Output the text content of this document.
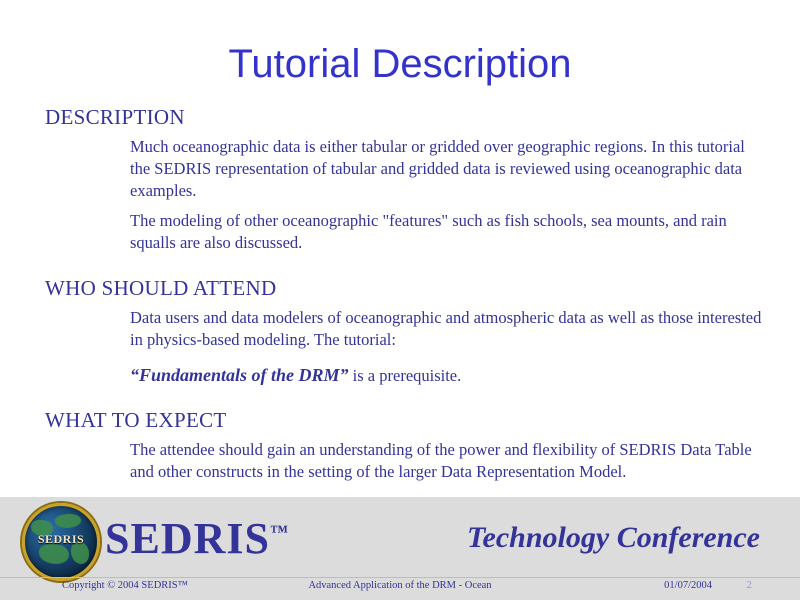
Tutorial Description
DESCRIPTION

Much oceanographic data is either tabular or gridded over geographic regions. In this tutorial the SEDRIS representation of tabular and gridded data is reviewed using oceanographic data examples.

The modeling of other oceanographic "features" such as fish schools, sea mounts, and rain squalls are also discussed.

WHO SHOULD ATTEND

Data users and data modelers of oceanographic and atmospheric data as well as those interested in physics-based modeling. The tutorial:

“Fundamentals of the DRM” is a prerequisite.

WHAT TO EXPECT

The attendee should gain an understanding of the power and flexibility of SEDRIS Data Table and other constructs in the setting of the larger Data Representation Model.

SEDRIS SEDRIS™	Technology Conference
Copyright © 2004 SEDRIS™	Advanced Application of the DRM - Ocean	01/07/2004	2
